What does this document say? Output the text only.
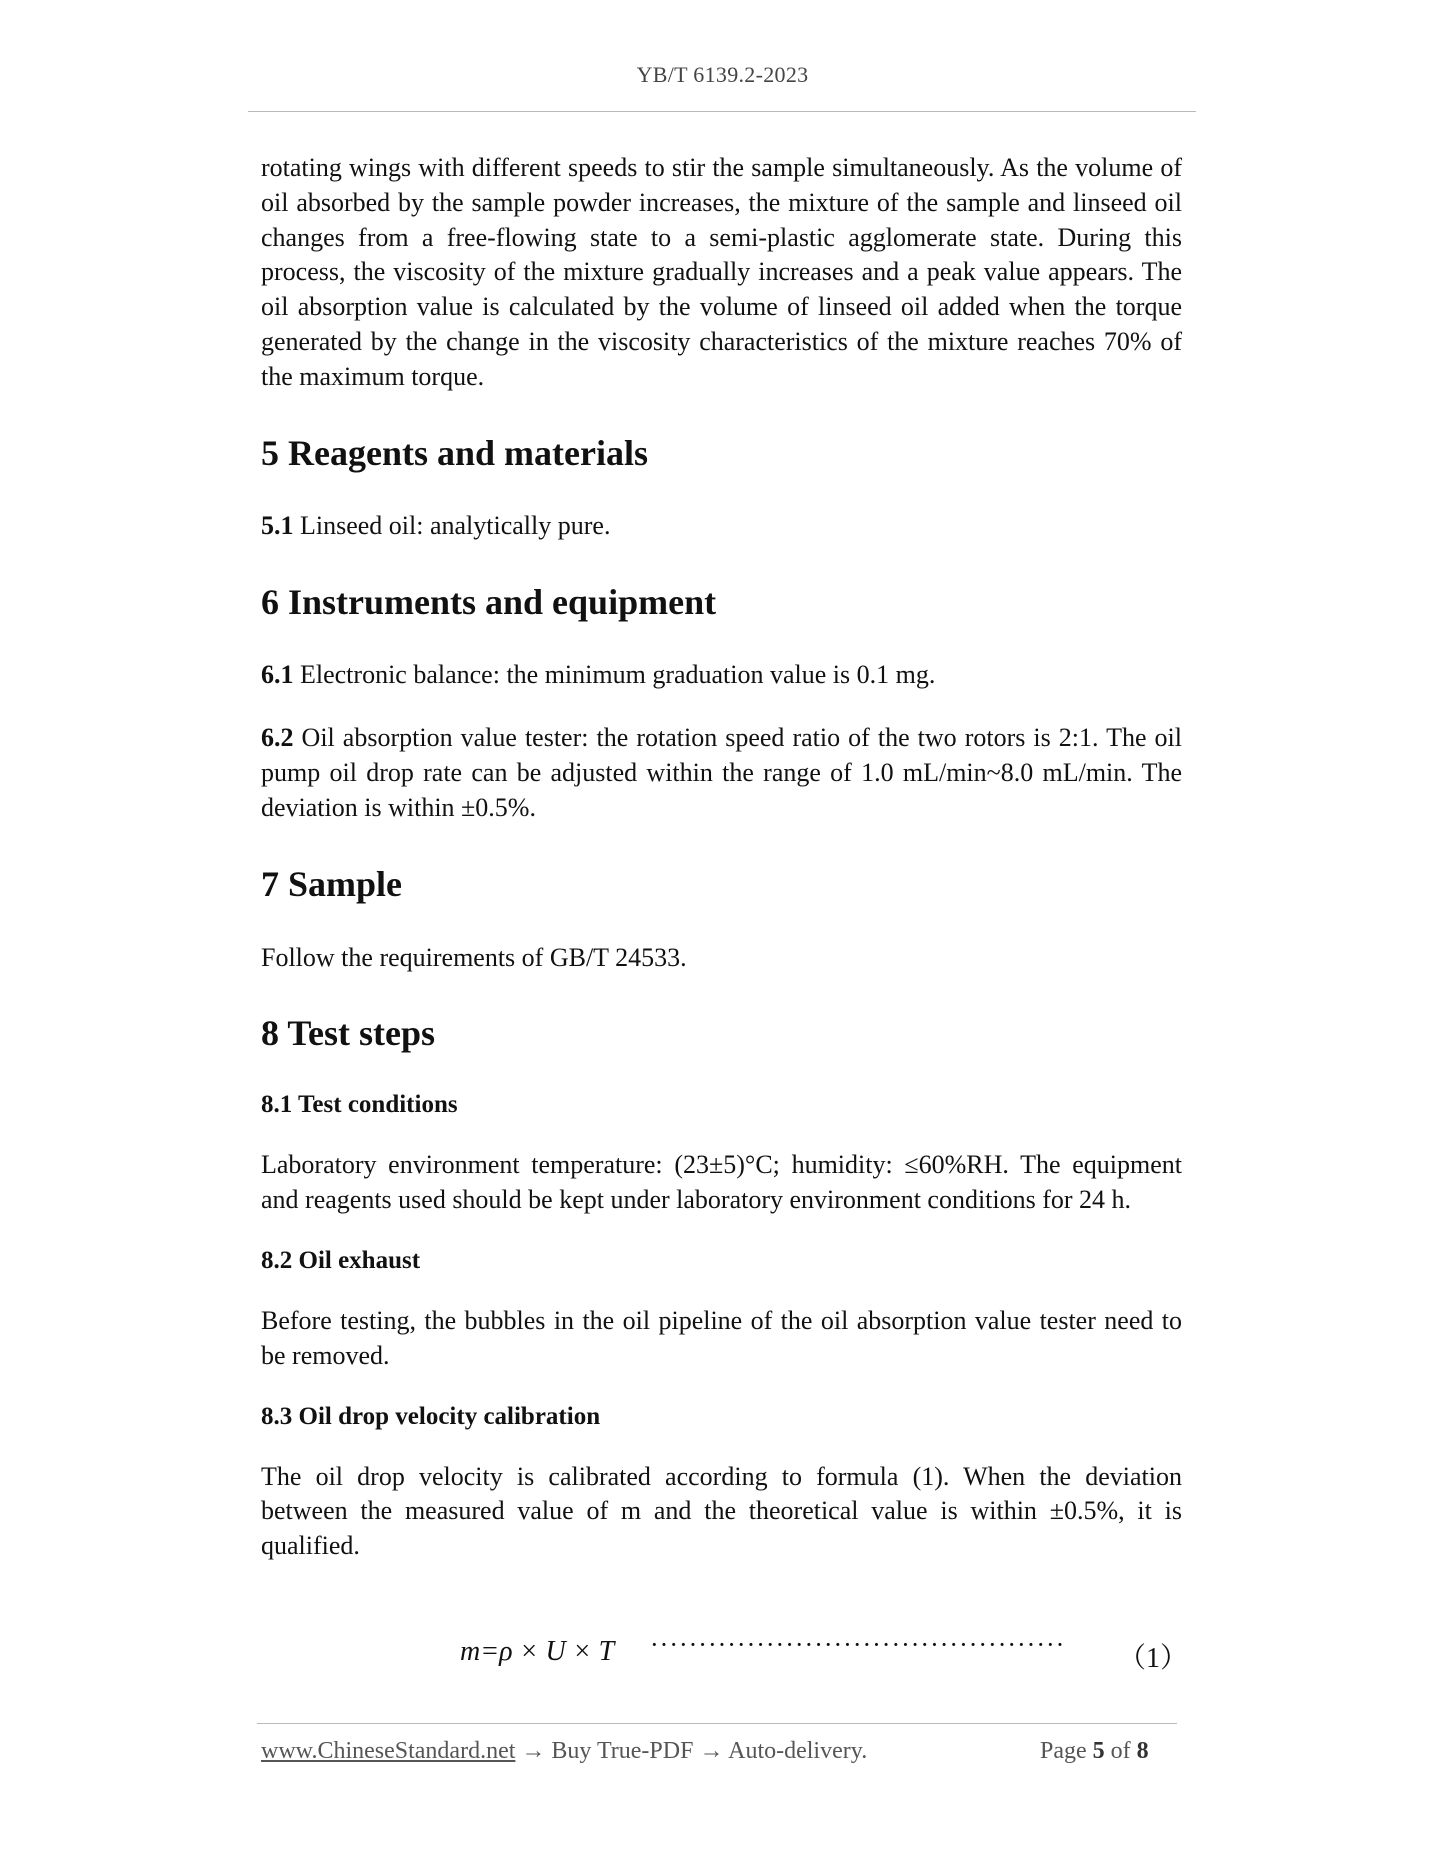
YB/T 6139.2-2023

rotating wings with different speeds to stir the sample simultaneously. As the volume of oil absorbed by the sample powder increases, the mixture of the sample and linseed oil changes from a free-flowing state to a semi-plastic agglomerate state. During this process, the viscosity of the mixture gradually increases and a peak value appears. The oil absorption value is calculated by the volume of linseed oil added when the torque generated by the change in the viscosity characteristics of the mixture reaches 70% of the maximum torque.

5 Reagents and materials

5.1 Linseed oil: analytically pure.

6 Instruments and equipment

6.1 Electronic balance: the minimum graduation value is 0.1 mg.

6.2 Oil absorption value tester: the rotation speed ratio of the two rotors is 2:1. The oil pump oil drop rate can be adjusted within the range of 1.0 mL/min~8.0 mL/min. The deviation is within ±0.5%.

7 Sample

Follow the requirements of GB/T 24533.

8 Test steps
8.1 Test conditions

Laboratory environment temperature: (23±5)°C; humidity: ≤60%RH. The equipment and reagents used should be kept under laboratory environment conditions for 24 h.

8.2 Oil exhaust

Before testing, the bubbles in the oil pipeline of the oil absorption value tester need to be removed.

8.3 Oil drop velocity calibration

The oil drop velocity is calibrated according to formula (1). When the deviation between the measured value of m and the theoretical value is within ±0.5%, it is qualified.

m=ρ × U × T ··········································· （1）
www.ChineseStandard.net → Buy True-PDF → Auto-delivery.	Page 5 of 8
